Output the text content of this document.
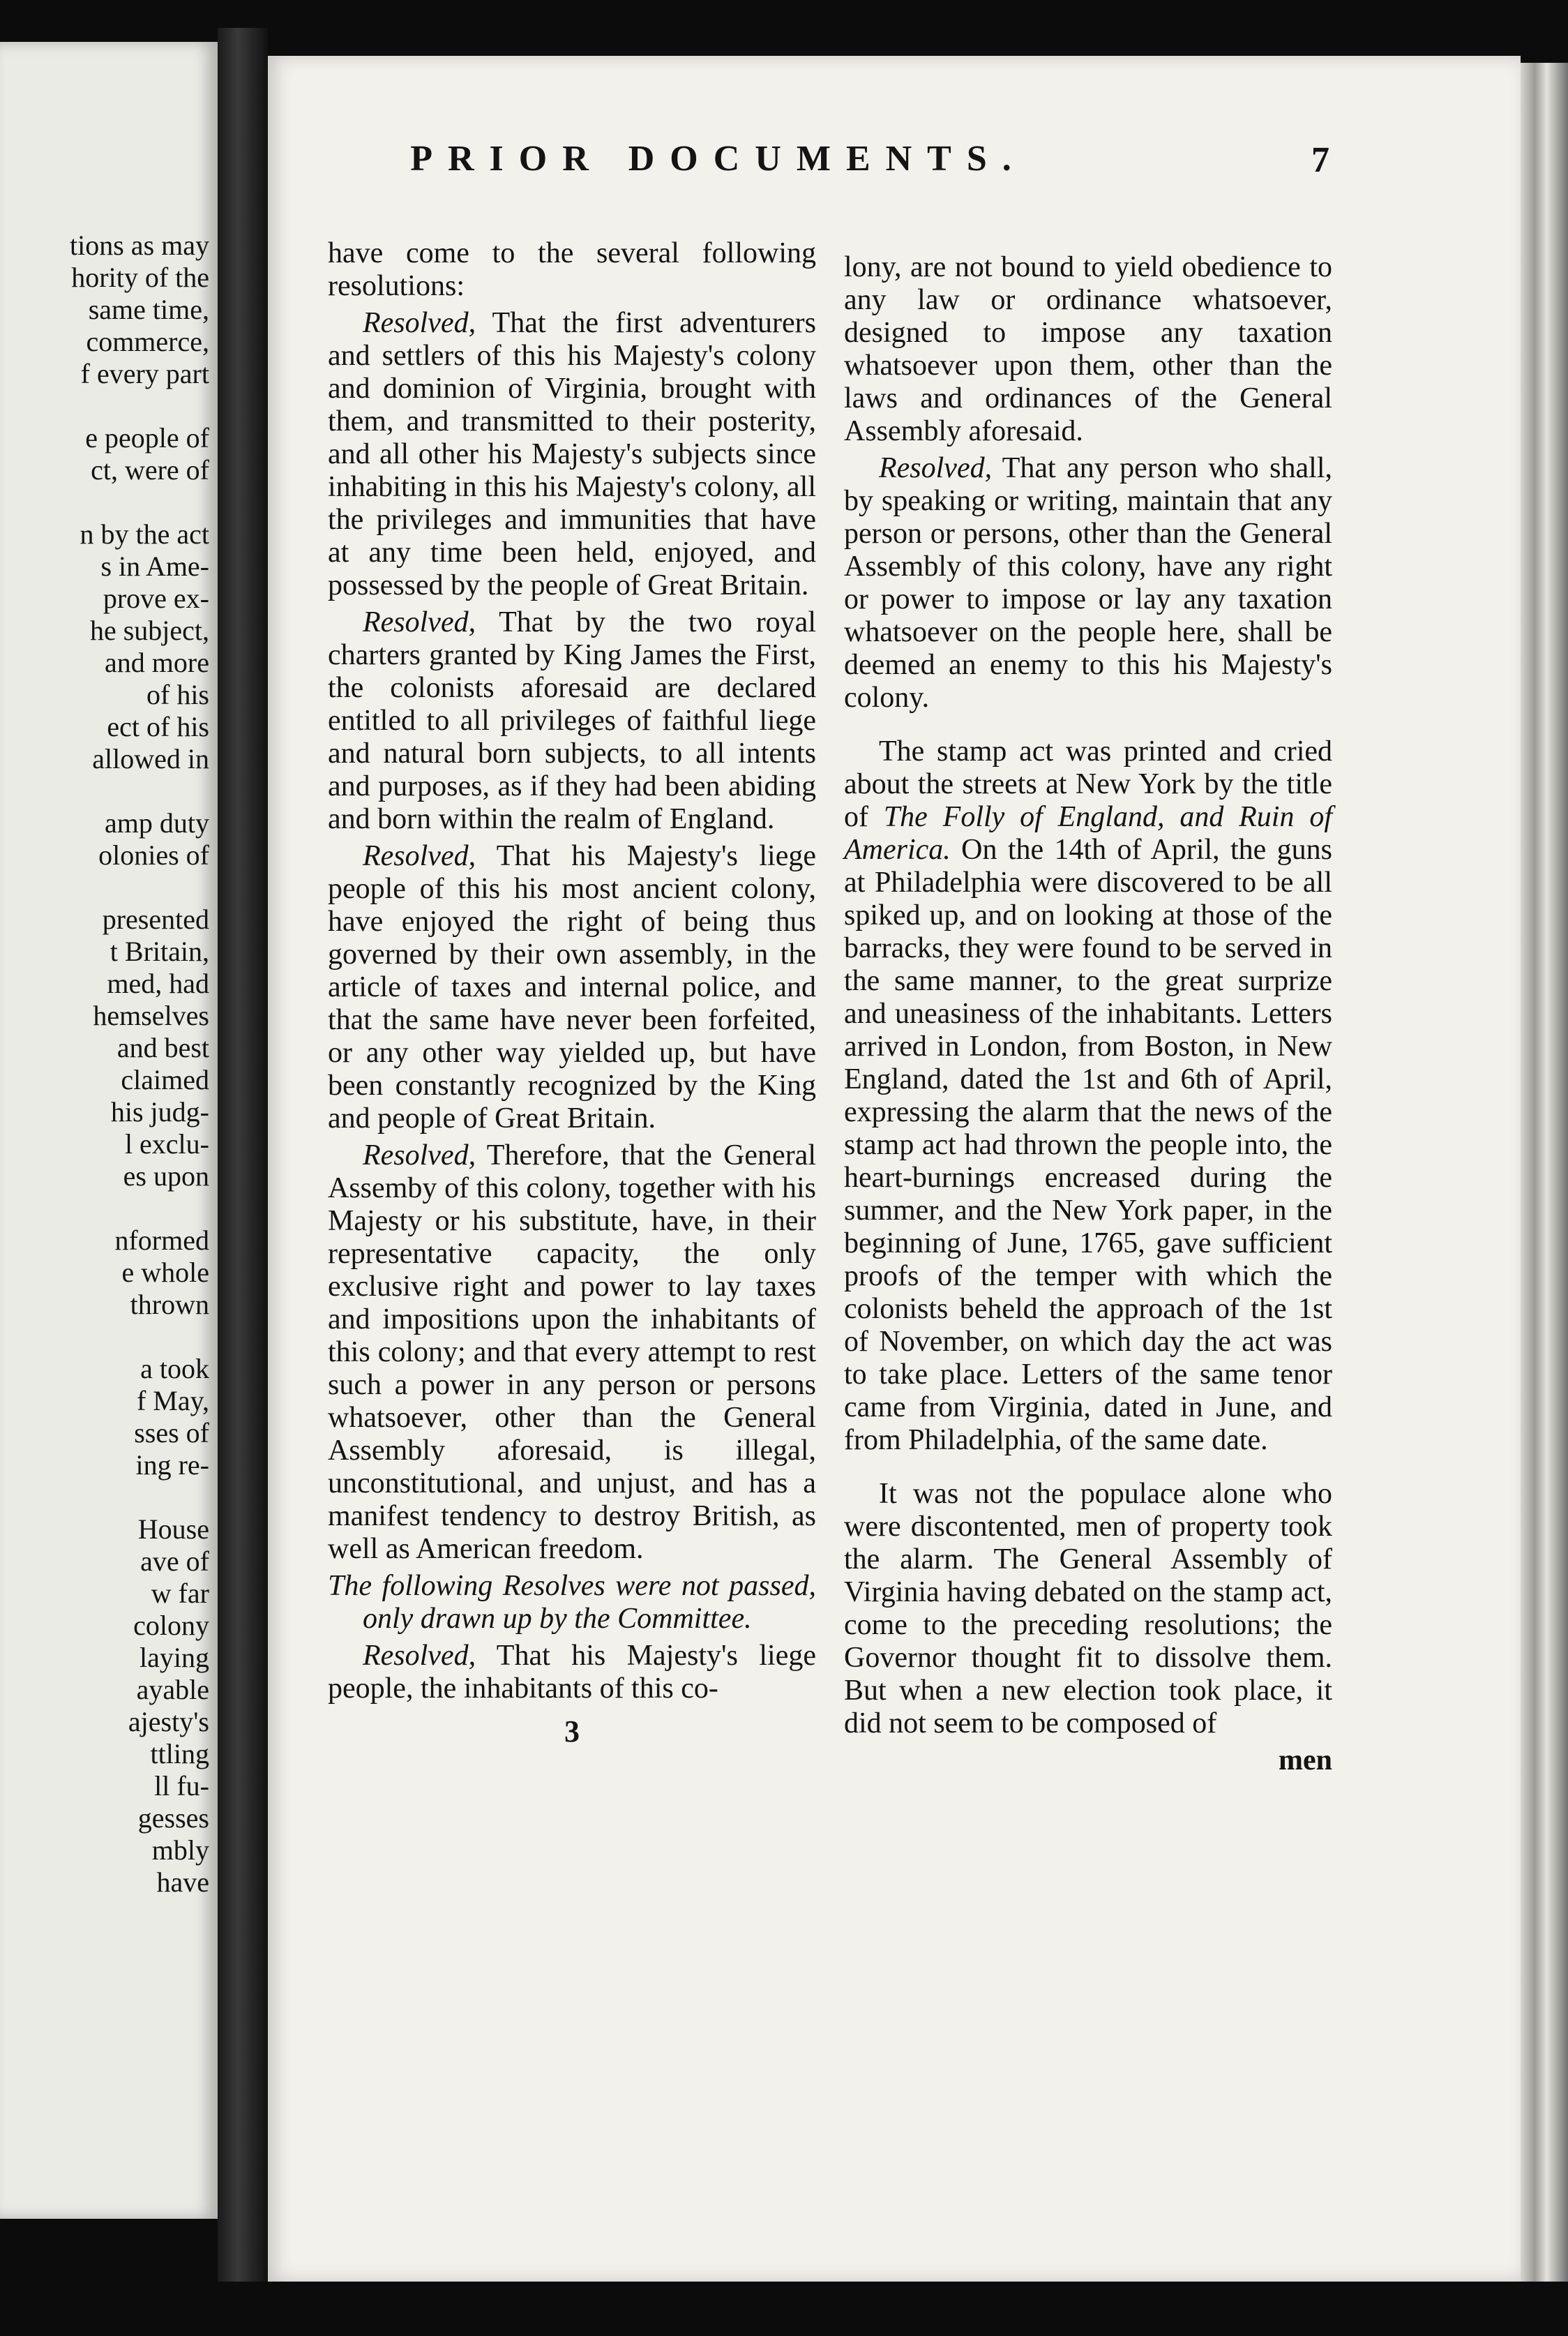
tions as may
hority of the
same time,
commerce,
f every part
e people of
ct, were of
n by the act
s in Ame-
prove ex-
he subject,
and more
of his
ect of his
allowed in
amp duty
olonies of
presented
t Britain,
med, had
hemselves
and best
claimed
his judg-
l exclu-
es upon
nformed
e whole
thrown
a took
f May,
sses of
ing re-
House
ave of
w far
colony
laying
ayable
ajesty's
ttling
ll fu-
gesses
mbly
have
PRIOR DOCUMENTS.	7

have come to the several following resolutions:

Resolved, That the first adventurers and settlers of this his Majesty's colony and dominion of Virginia, brought with them, and transmitted to their posterity, and all other his Majesty's subjects since inhabiting in this his Majesty's colony, all the privileges and immunities that have at any time been held, enjoyed, and possessed by the people of Great Britain.

Resolved, That by the two royal charters granted by King James the First, the colonists aforesaid are declared entitled to all privileges of faithful liege and natural born subjects, to all intents and purposes, as if they had been abiding and born within the realm of England.

Resolved, That his Majesty's liege people of this his most ancient colony, have enjoyed the right of being thus governed by their own assembly, in the article of taxes and internal police, and that the same have never been forfeited, or any other way yielded up, but have been constantly recognized by the King and people of Great Britain.

Resolved, Therefore, that the General Assemby of this colony, together with his Majesty or his substitute, have, in their representative capacity, the only exclusive right and power to lay taxes and impositions upon the inhabitants of this colony; and that every attempt to rest such a power in any person or persons whatsoever, other than the General Assembly aforesaid, is illegal, unconstitutional, and unjust, and has a manifest tendency to destroy British, as well as American freedom.

The following Resolves were not passed, only drawn up by the Committee.

Resolved, That his Majesty's liege people, the inhabitants of this co-

3

lony, are not bound to yield obedience to any law or ordinance whatsoever, designed to impose any taxation whatsoever upon them, other than the laws and ordinances of the General Assembly aforesaid.

Resolved, That any person who shall, by speaking or writing, maintain that any person or persons, other than the General Assembly of this colony, have any right or power to impose or lay any taxation whatsoever on the people here, shall be deemed an enemy to this his Majesty's colony.

The stamp act was printed and cried about the streets at New York by the title of The Folly of England, and Ruin of America. On the 14th of April, the guns at Philadelphia were discovered to be all spiked up, and on looking at those of the barracks, they were found to be served in the same manner, to the great surprize and uneasiness of the inhabitants. Letters arrived in London, from Boston, in New England, dated the 1st and 6th of April, expressing the alarm that the news of the stamp act had thrown the people into, the heart-burnings encreased during the summer, and the New York paper, in the beginning of June, 1765, gave sufficient proofs of the temper with which the colonists beheld the approach of the 1st of November, on which day the act was to take place. Letters of the same tenor came from Virginia, dated in June, and from Philadelphia, of the same date.

It was not the populace alone who were discontented, men of property took the alarm. The General Assembly of Virginia having debated on the stamp act, come to the preceding resolutions; the Governor thought fit to dissolve them. But when a new election took place, it did not seem to be composed of

men
